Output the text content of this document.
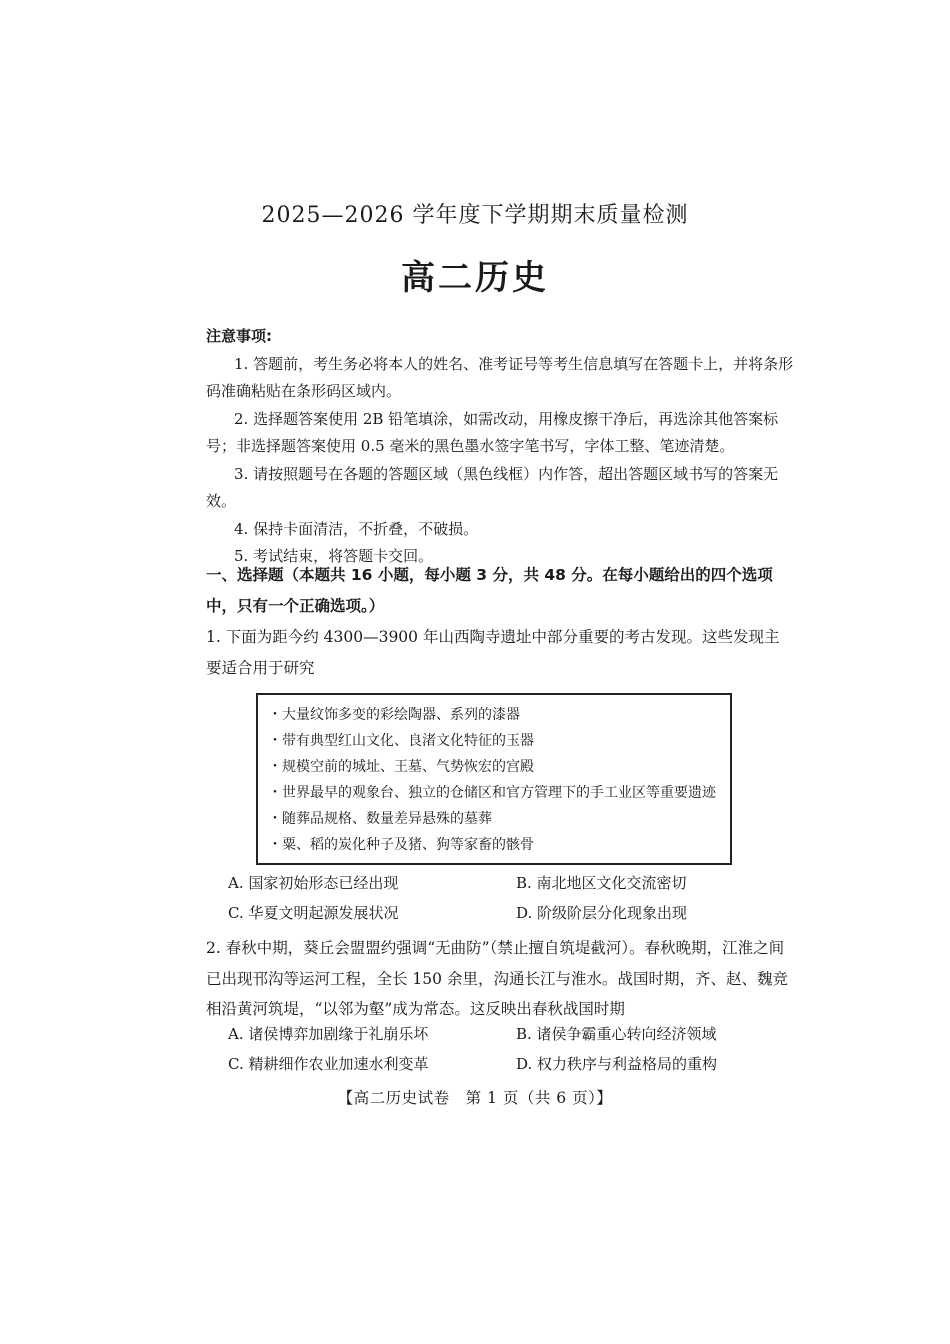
2025—2026 学年度下学期期末质量检测
高二历史
注意事项:
1. 答题前，考生务必将本人的姓名、准考证号等考生信息填写在答题卡上，并将条形码准确粘贴在条形码区域内。
2. 选择题答案使用 2B 铅笔填涂，如需改动，用橡皮擦干净后，再选涂其他答案标号；非选择题答案使用 0.5 毫米的黑色墨水签字笔书写，字体工整、笔迹清楚。
3. 请按照题号在各题的答题区域（黑色线框）内作答，超出答题区域书写的答案无效。
4. 保持卡面清洁，不折叠，不破损。
5. 考试结束，将答题卡交回。
一、选择题（本题共 16 小题，每小题 3 分，共 48 分。在每小题给出的四个选项中，只有一个正确选项。）
1. 下面为距今约 4300—3900 年山西陶寺遗址中部分重要的考古发现。这些发现主要适合用于研究
・大量纹饰多变的彩绘陶器、系列的漆器
・带有典型红山文化、良渚文化特征的玉器
・规模空前的城址、王墓、气势恢宏的宫殿
・世界最早的观象台、独立的仓储区和官方管理下的手工业区等重要遗迹
・随葬品规格、数量差异悬殊的墓葬
・粟、稻的炭化种子及猪、狗等家畜的骸骨
A. 国家初始形态已经出现	B. 南北地区文化交流密切
C. 华夏文明起源发展状况	D. 阶级阶层分化现象出现
2. 春秋中期，葵丘会盟盟约强调“无曲防”（禁止擅自筑堤截河）。春秋晚期，江淮之间已出现邗沟等运河工程，全长 150 余里，沟通长江与淮水。战国时期，齐、赵、魏竞相沿黄河筑堤，“以邻为壑”成为常态。这反映出春秋战国时期
A. 诸侯博弈加剧缘于礼崩乐坏	B. 诸侯争霸重心转向经济领域
C. 精耕细作农业加速水利变革	D. 权力秩序与利益格局的重构
【高二历史试卷　第 1 页（共 6 页）】
